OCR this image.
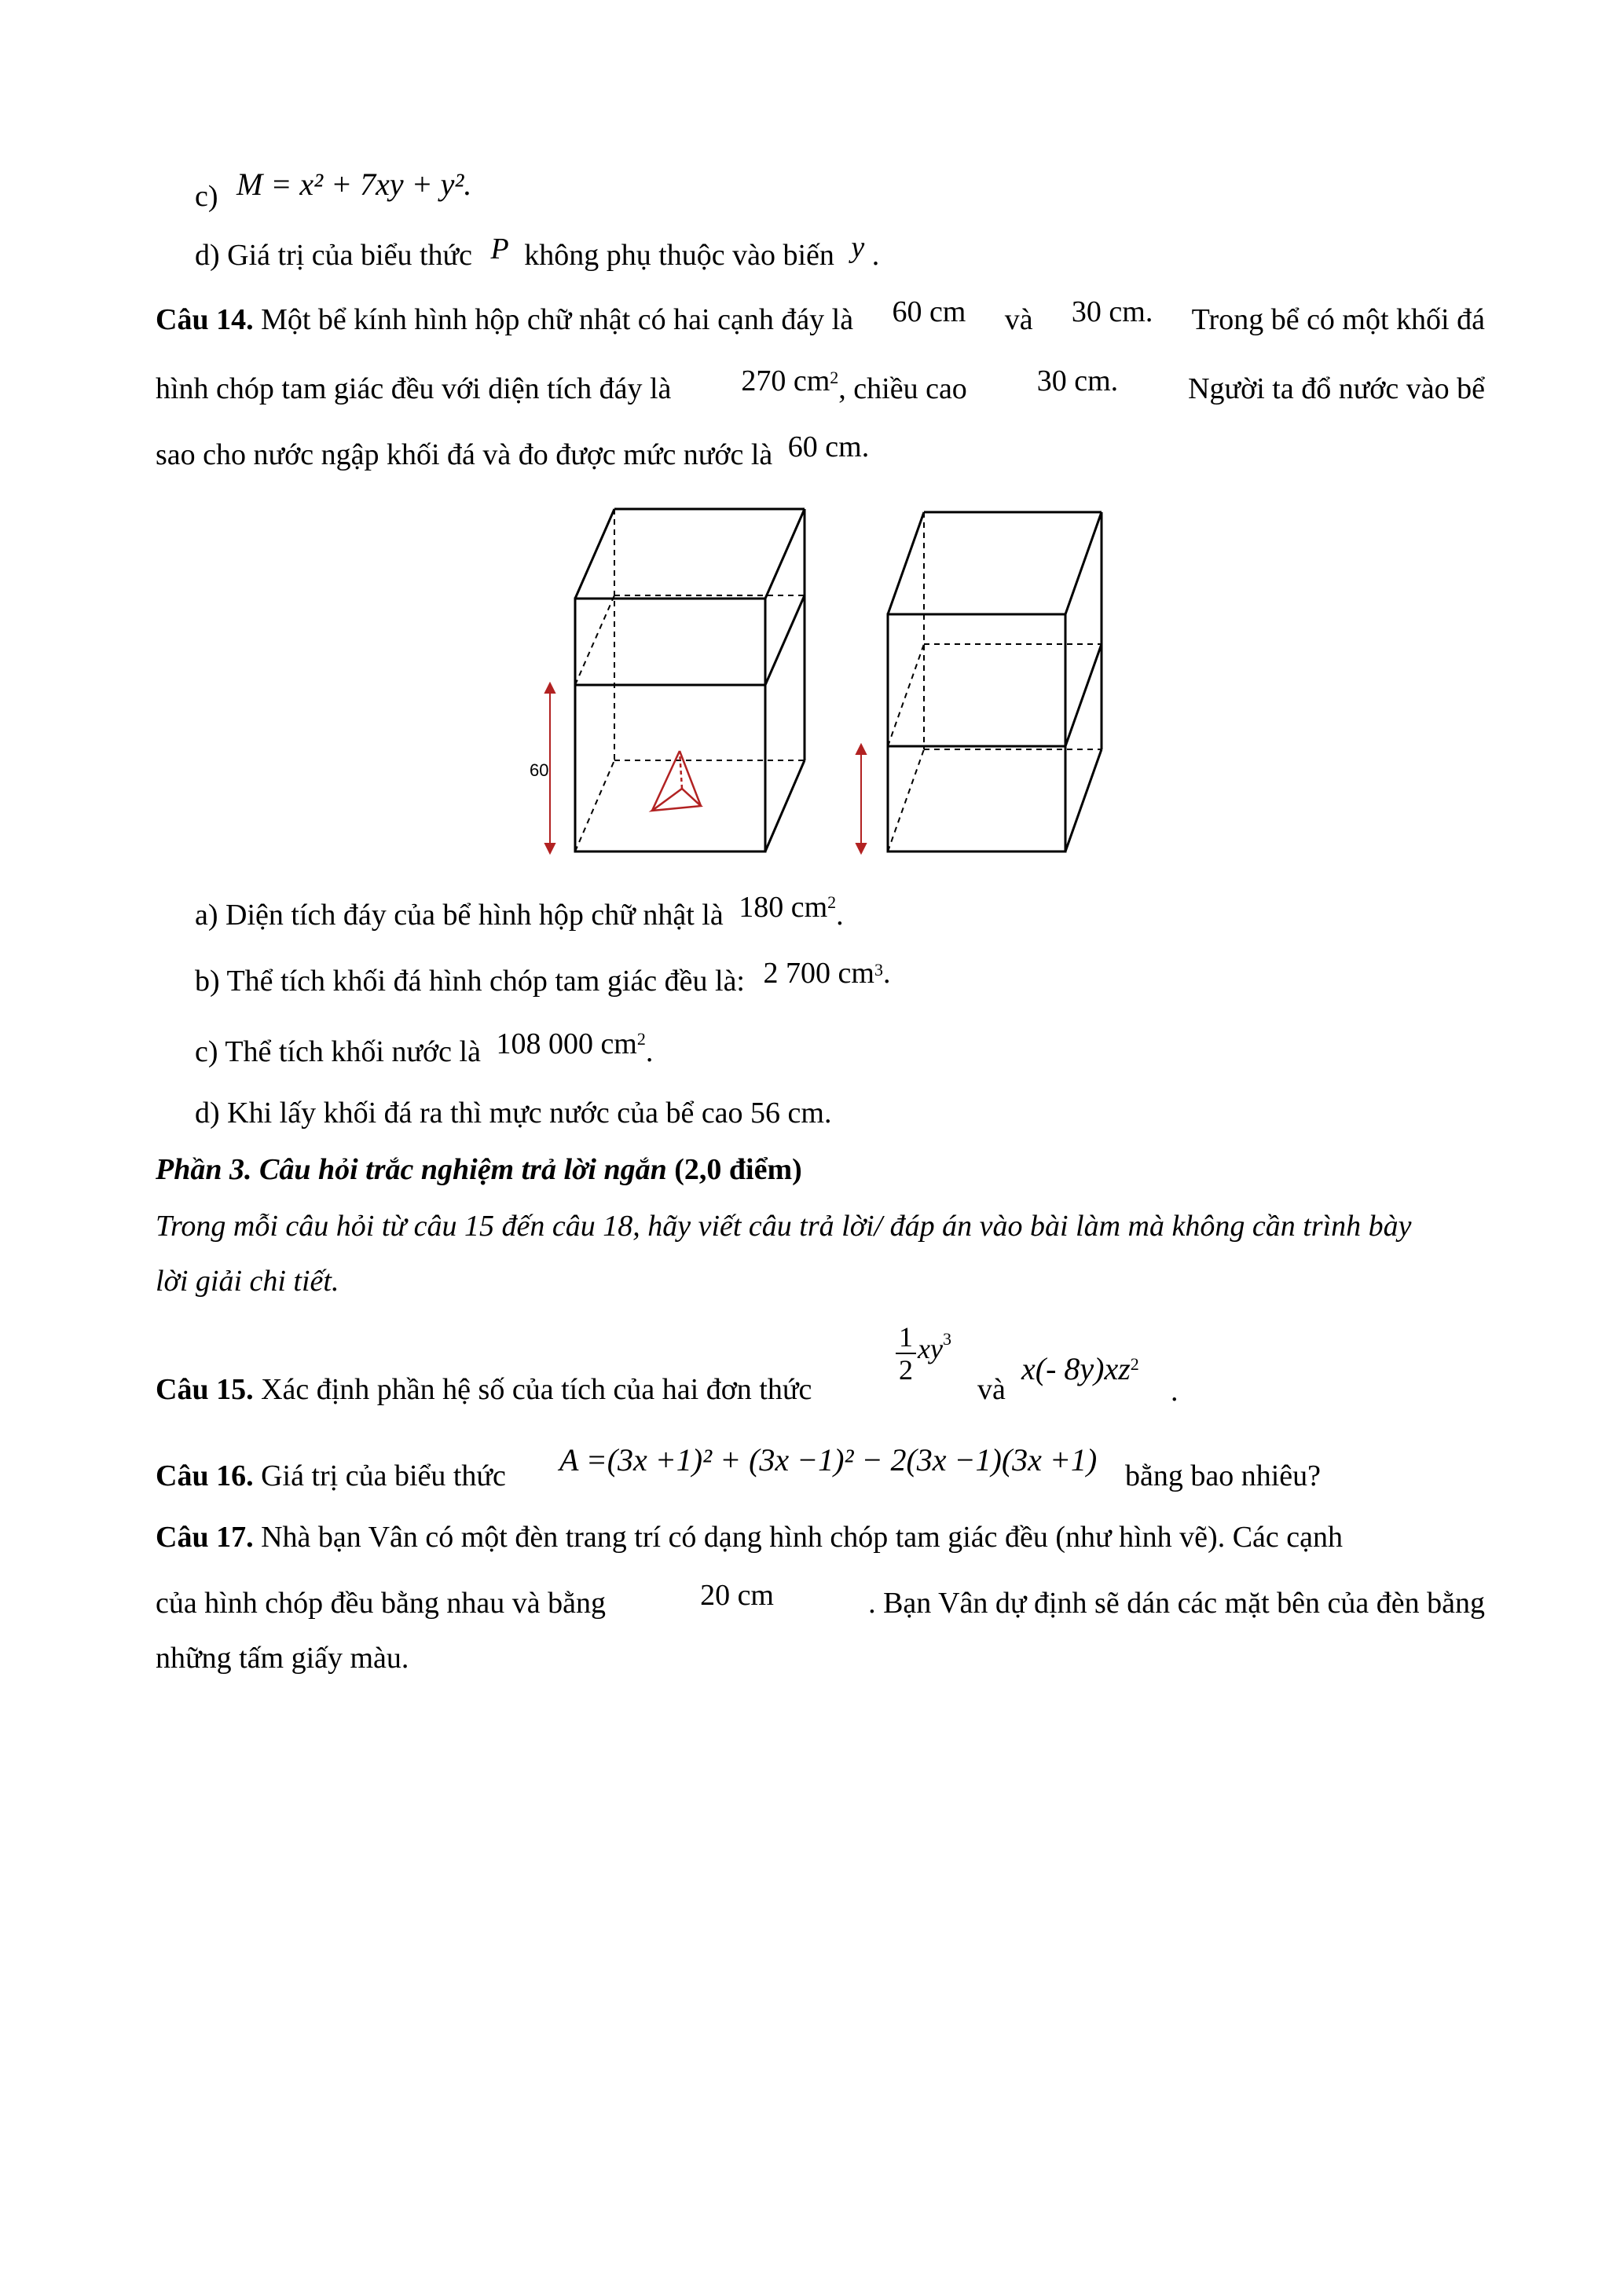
c) M = x² + 7xy + y².
d) Giá trị của biểu thức P không phụ thuộc vào biến y .
Câu 14. Một bể kính hình hộp chữ nhật có hai cạnh đáy là 60 cm và 30 cm. Trong bể có một khối đá
hình chóp tam giác đều với diện tích đáy là 270 $cm^2$, chiều cao 30 cm. Người ta đổ nước vào bể
sao cho nước ngập khối đá và đo được mức nước là 60 cm.
60
a) Diện tích đáy của bể hình hộp chữ nhật là 180 $cm^2$.
b) Thể tích khối đá hình chóp tam giác đều là: 2 700 $cm^3$.
c) Thể tích khối nước là 108 000 $cm^2$.
d) Khi lấy khối đá ra thì mực nước của bể cao 56 cm.
Phần 3. Câu hỏi trắc nghiệm trả lời ngắn (2,0 điểm)
Trong mỗi câu hỏi từ câu 15 đến câu 18, hãy viết câu trả lời/ đáp án vào bài làm mà không cần trình bày
lời giải chi tiết.
Câu 15. Xác định phần hệ số của tích của hai đơn thức
$\frac{1}{2} xy^3$
và
x(- $8y)xz^2$
.
Câu 16. Giá trị của biểu thức A =(3x +1)² + (3x −1)² − 2(3x −1)(3x +1) bằng bao nhiêu?
Câu 17. Nhà bạn Vân có một đèn trang trí có dạng hình chóp tam giác đều (như hình vẽ). Các cạnh
của hình chóp đều bằng nhau và bằng	20 cm	. Bạn Vân dự định sẽ dán các mặt bên của đèn bằng
những tấm giấy màu.
